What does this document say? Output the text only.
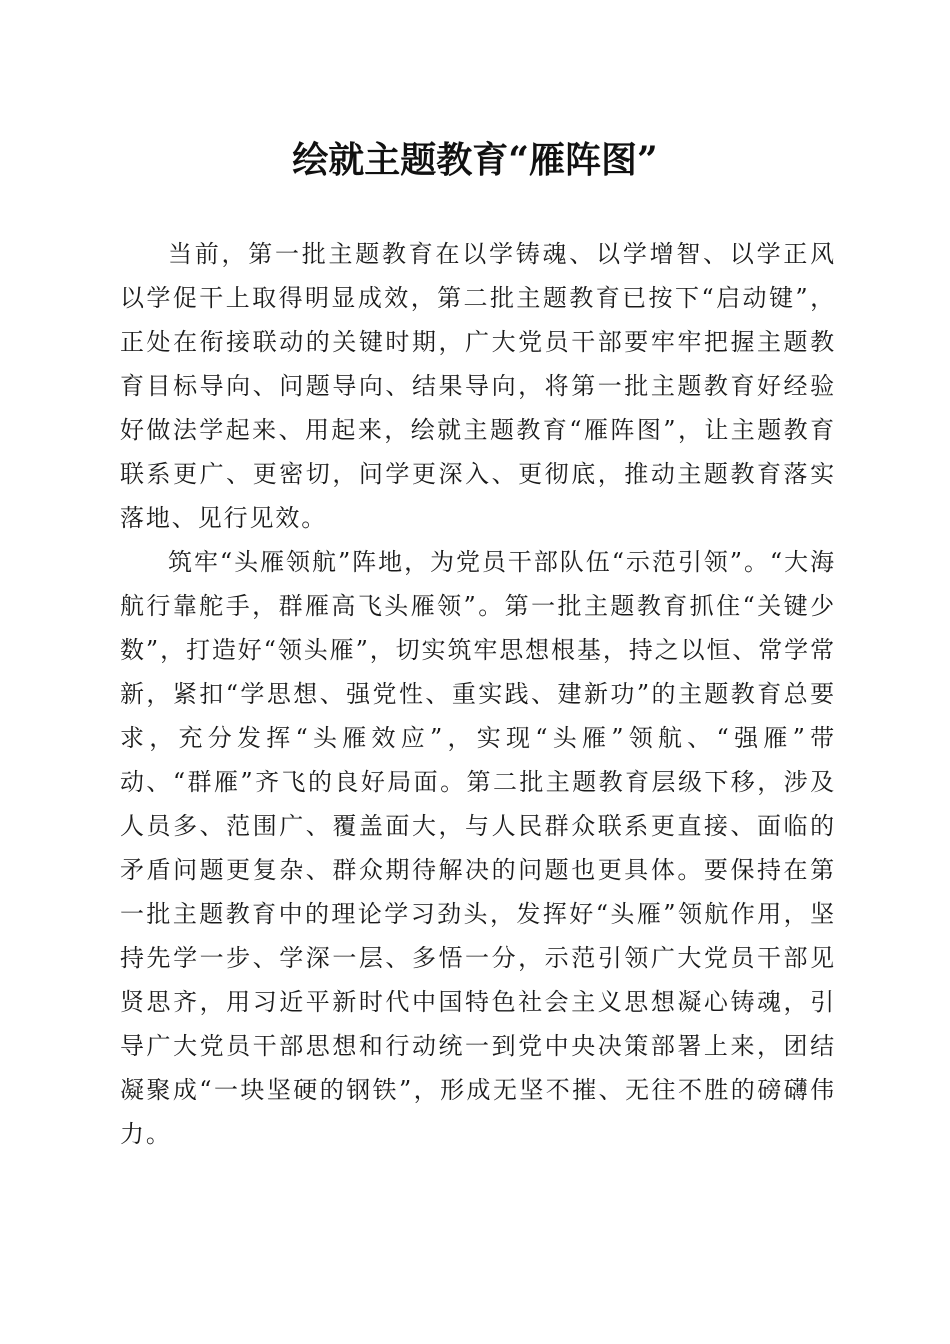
绘就主题教育“雁阵图”

当前，第一批主题教育在以学铸魂、以学增智、以学正风以学促干上取得明显成效，第二批主题教育已按下“启动键”，正处在衔接联动的关键时期，广大党员干部要牢牢把握主题教育目标导向、问题导向、结果导向，将第一批主题教育好经验好做法学起来、用起来，绘就主题教育“雁阵图”，让主题教育联系更广、更密切，问学更深入、更彻底，推动主题教育落实落地、见行见效。

筑牢“头雁领航”阵地，为党员干部队伍“示范引领”。“大海航行靠舵手，群雁高飞头雁领”。第一批主题教育抓住“关键少数”，打造好“领头雁”，切实筑牢思想根基，持之以恒、常学常新，紧扣“学思想、强党性、重实践、建新功”的主题教育总要求，充分发挥“头雁效应”，实现“头雁”领航、“强雁”带动、“群雁”齐飞的良好局面。第二批主题教育层级下移，涉及人员多、范围广、覆盖面大，与人民群众联系更直接、面临的矛盾问题更复杂、群众期待解决的问题也更具体。要保持在第一批主题教育中的理论学习劲头，发挥好“头雁”领航作用，坚持先学一步、学深一层、多悟一分，示范引领广大党员干部见贤思齐，用习近平新时代中国特色社会主义思想凝心铸魂，引导广大党员干部思想和行动统一到党中央决策部署上来，团结凝聚成“一块坚硬的钢铁”，形成无坚不摧、无往不胜的磅礴伟力。
